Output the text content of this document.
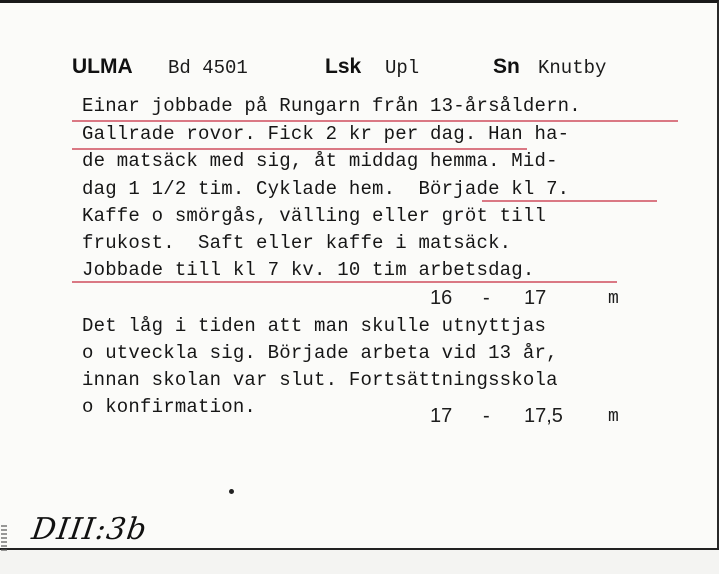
ULMA Bd 4501	Lsk Upl	Sn Knutby
Einar jobbade på Rungarn från 13-årsåldern.
Gallrade rovor. Fick 2 kr per dag. Han ha-
de matsäck med sig, åt middag hemma. Mid-
dag 1 1/2 tim. Cyklade hem.  Började kl 7.
Kaffe o smörgås, välling eller gröt till
frukost.  Saft eller kaffe i matsäck.
Jobbade till kl 7 kv. 10 tim arbetsdag.
16 - 17	m
Det låg i tiden att man skulle utnyttjas
o utveckla sig. Började arbeta vid 13 år,
innan skolan var slut. Fortsättningsskola
o konfirmation.	17 - 17,5	m
DIII:3b
